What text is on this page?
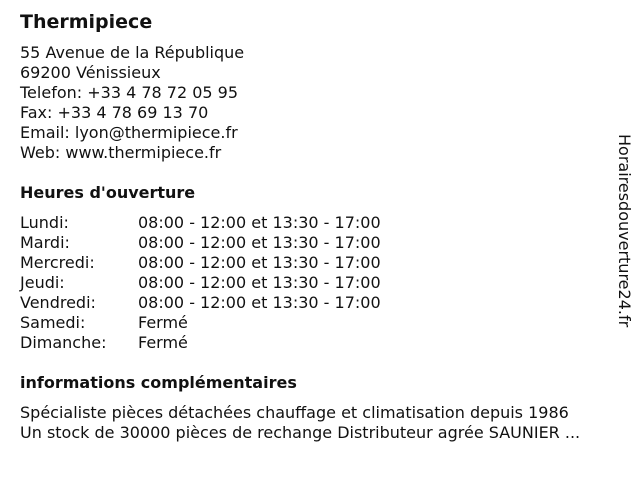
Thermipiece
55 Avenue de la République
69200 Vénissieux
Telefon: +33 4 78 72 05 95
Fax: +33 4 78 69 13 70
Email: lyon@thermipiece.fr
Web: www.thermipiece.fr
Heures d'ouverture
Lundi:	08:00 - 12:00 et 13:30 - 17:00
Mardi:	08:00 - 12:00 et 13:30 - 17:00
Mercredi:	08:00 - 12:00 et 13:30 - 17:00
Jeudi:	08:00 - 12:00 et 13:30 - 17:00
Vendredi:	08:00 - 12:00 et 13:30 - 17:00
Samedi:	Fermé
Dimanche: Fermé
informations complémentaires
Spécialiste pièces détachées chauffage et climatisation depuis 1986
Un stock de 30000 pièces de rechange Distributeur agrée SAUNIER ...
Horairesdouverture24.fr
